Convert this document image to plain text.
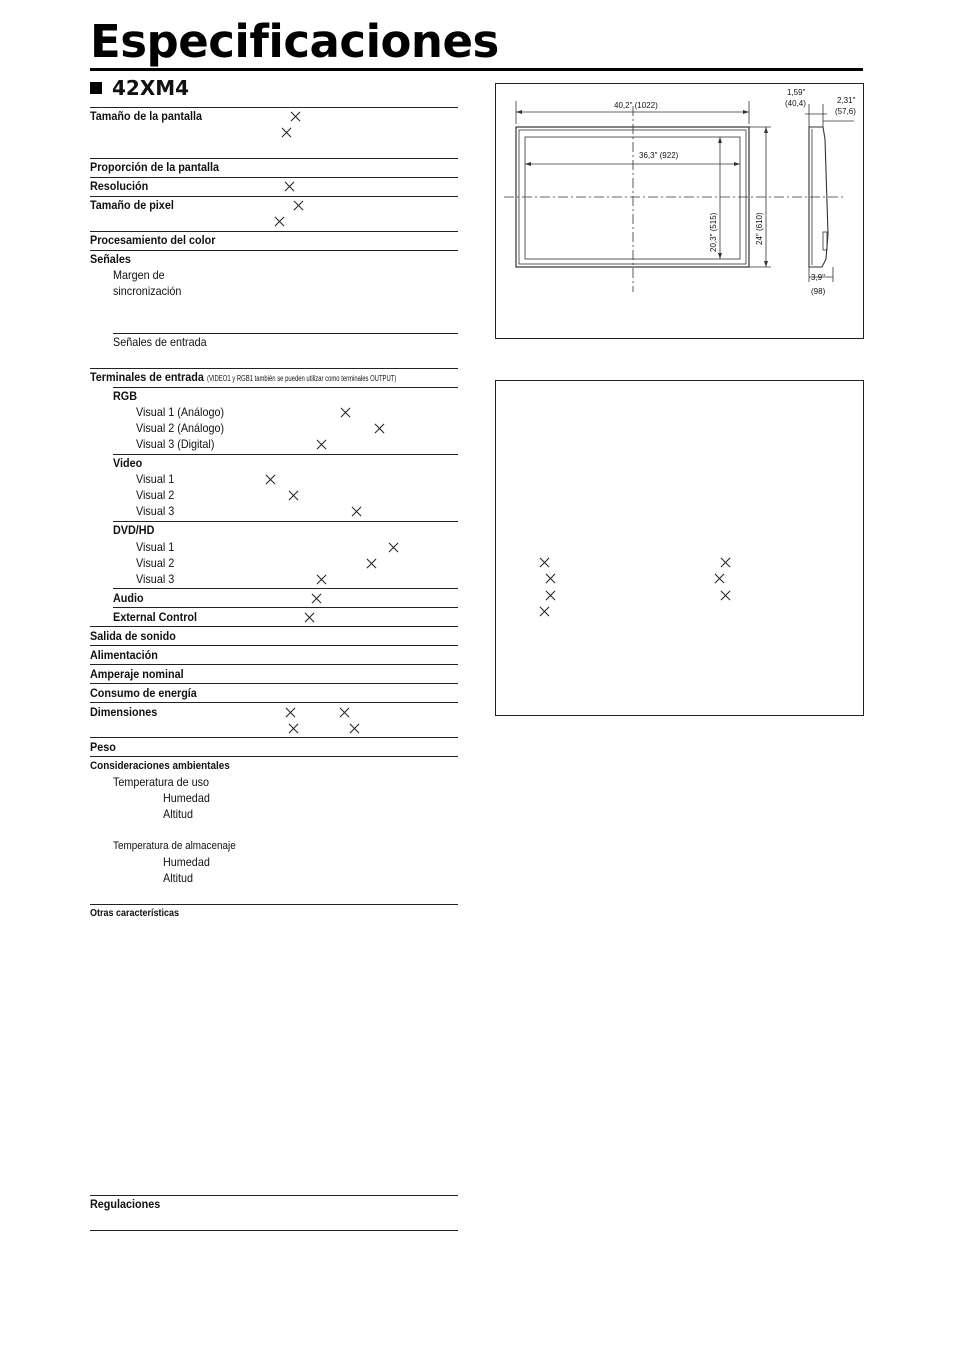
Especificaciones
42XM4
Tamaño de la pantalla
Proporción de la pantalla
Resolución
Tamaño de pixel
Procesamiento del color
Señales
Margen de
sincronización
Señales de entrada
Terminales de entrada (VIDEO1 y RGB1 también se pueden utilizar como terminales OUTPUT)
RGB
Visual 1 (Análogo)
Visual 2 (Análogo)
Visual 3 (Digital)
Video
Visual 1
Visual 2
Visual 3
DVD/HD
Visual 1
Visual 2
Visual 3
Audio
External Control
Salida de sonido
Alimentación
Amperaje nominal
Consumo de energía
Dimensiones
Peso
Consideraciones ambientales
Temperatura de uso
Humedad
Altitud
Temperatura de almacenaje
Humedad
Altitud
Otras características
Regulaciones
40,2" (1022)
36,3" (922)
20,3" (515)	24" (610)
1,59"
(40,4)	2,31"
(57,6)
3,9"
(98)
